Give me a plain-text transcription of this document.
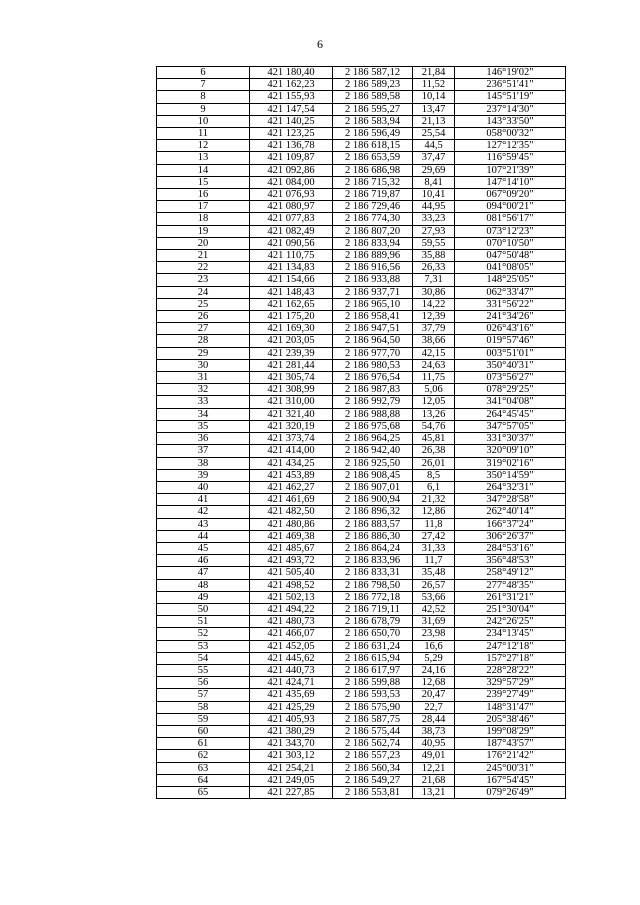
6
6	421 180,40	2 186 587,12	21,84	146°19'02"
7	421 162,23	2 186 589,23	11,52	236°51'41"
8	421 155,93	2 186 589,58	10,14	145°51'19"
9	421 147,54	2 186 595,27	13,47	237°14'30"
10	421 140,25	2 186 583,94	21,13	143°33'50"
11	421 123,25	2 186 596,49	25,54	058°00'32"
12	421 136,78	2 186 618,15	44,5	127°12'35"
13	421 109,87	2 186 653,59	37,47	116°59'45"
14	421 092,86	2 186 686,98	29,69	107°21'39"
15	421 084,00	2 186 715,32	8,41	147°14'10"
16	421 076,93	2 186 719,87	10,41	067°09'20"
17	421 080,97	2 186 729,46	44,95	094°00'21"
18	421 077,83	2 186 774,30	33,23	081°56'17"
19	421 082,49	2 186 807,20	27,93	073°12'23"
20	421 090,56	2 186 833,94	59,55	070°10'50"
21	421 110,75	2 186 889,96	35,88	047°50'48"
22	421 134,83	2 186 916,56	26,33	041°08'05"
23	421 154,66	2 186 933,88	7,31	148°25'05"
24	421 148,43	2 186 937,71	30,86	062°33'47"
25	421 162,65	2 186 965,10	14,22	331°56'22"
26	421 175,20	2 186 958,41	12,39	241°34'26"
27	421 169,30	2 186 947,51	37,79	026°43'16"
28	421 203,05	2 186 964,50	38,66	019°57'46"
29	421 239,39	2 186 977,70	42,15	003°51'01"
30	421 281,44	2 186 980,53	24,63	350°40'31"
31	421 305,74	2 186 976,54	11,75	073°56'27"
32	421 308,99	2 186 987,83	5,06	078°29'25"
33	421 310,00	2 186 992,79	12,05	341°04'08"
34	421 321,40	2 186 988,88	13,26	264°45'45"
35	421 320,19	2 186 975,68	54,76	347°57'05"
36	421 373,74	2 186 964,25	45,81	331°30'37"
37	421 414,00	2 186 942,40	26,38	320°09'10"
38	421 434,25	2 186 925,50	26,01	319°02'16"
39	421 453,89	2 186 908,45	8,5	350°14'59"
40	421 462,27	2 186 907,01	6,1	264°32'31"
41	421 461,69	2 186 900,94	21,32	347°28'58"
42	421 482,50	2 186 896,32	12,86	262°40'14"
43	421 480,86	2 186 883,57	11,8	166°37'24"
44	421 469,38	2 186 886,30	27,42	306°26'37"
45	421 485,67	2 186 864,24	31,33	284°53'16"
46	421 493,72	2 186 833,96	11,7	356°48'53"
47	421 505,40	2 186 833,31	35,48	258°49'12"
48	421 498,52	2 186 798,50	26,57	277°48'35"
49	421 502,13	2 186 772,18	53,66	261°31'21"
50	421 494,22	2 186 719,11	42,52	251°30'04"
51	421 480,73	2 186 678,79	31,69	242°26'25"
52	421 466,07	2 186 650,70	23,98	234°13'45"
53	421 452,05	2 186 631,24	16,6	247°12'18"
54	421 445,62	2 186 615,94	5,29	157°27'18"
55	421 440,73	2 186 617,97	24,16	228°28'22"
56	421 424,71	2 186 599,88	12,68	329°57'29"
57	421 435,69	2 186 593,53	20,47	239°27'49"
58	421 425,29	2 186 575,90	22,7	148°31'47"
59	421 405,93	2 186 587,75	28,44	205°38'46"
60	421 380,29	2 186 575,44	38,73	199°08'29"
61	421 343,70	2 186 562,74	40,95	187°43'57"
62	421 303,12	2 186 557,23	49,01	176°21'42"
63	421 254,21	2 186 560,34	12,21	245°00'31"
64	421 249,05	2 186 549,27	21,68	167°54'45"
65	421 227,85	2 186 553,81	13,21	079°26'49"
